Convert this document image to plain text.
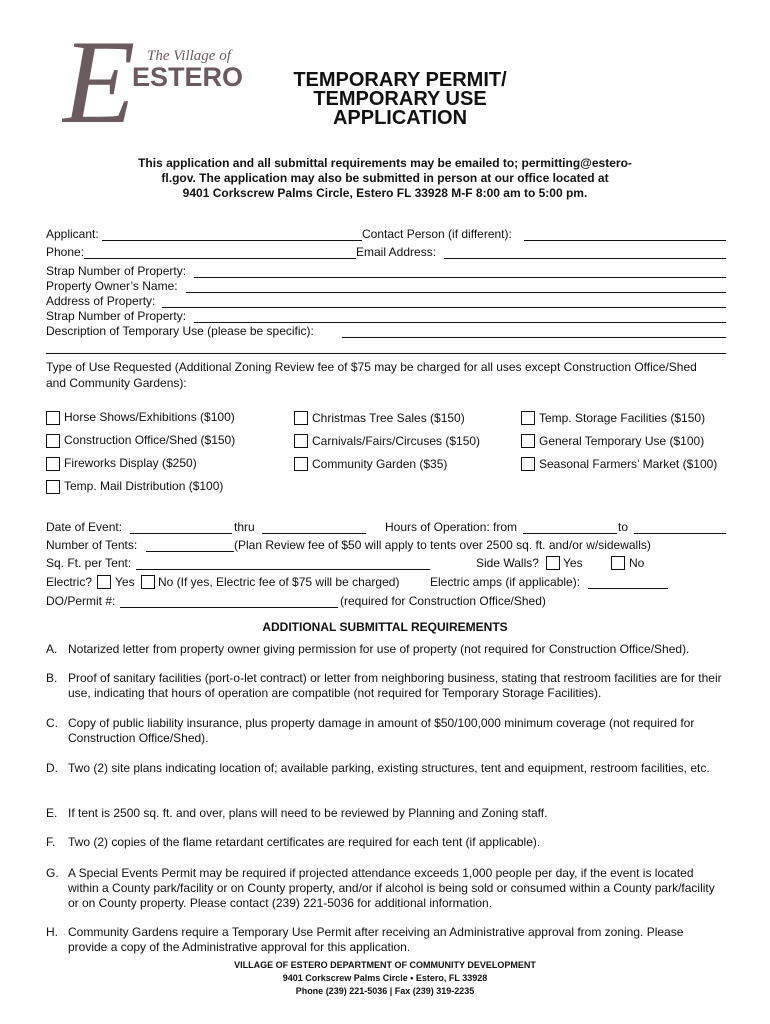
E The Village of
ESTERO	TEMPORARY PERMIT/
TEMPORARY USE
APPLICATION
This application and all submittal requirements may be emailed to; permitting@estero-
fl.gov. The application may also be submitted in person at our office located at
9401 Corkscrew Palms Circle, Estero FL 33928 M-F 8:00 am to 5:00 pm.
Applicant:	Contact Person (if different):
Phone:	Email Address:
Strap Number of Property:
Property Owner’s Name:
Address of Property:
Strap Number of Property:
Description of Temporary Use (please be specific):
Type of Use Requested (Additional Zoning Review fee of $75 may be charged for all uses except Construction Office/Shed
and Community Gardens):
Horse Shows/Exhibitions ($100)	Christmas Tree Sales ($150)	Temp. Storage Facilities ($150)
Construction Office/Shed ($150)	Carnivals/Fairs/Circuses ($150)	General Temporary Use ($100)
Fireworks Display ($250)	Community Garden ($35)	Seasonal Farmers’ Market ($100)
Temp. Mail Distribution ($100)
Date of Event:	thru	Hours of Operation: from	to
Number of Tents:	(Plan Review fee of $50 will apply to tents over 2500 sq. ft. and/or w/sidewalls)
Sq. Ft. per Tent:	Side Walls? Yes	No
Electric? Yes No (If yes, Electric fee of $75 will be charged)	Electric amps (if applicable):
DO/Permit #:	(required for Construction Office/Shed)
ADDITIONAL SUBMITTAL REQUIREMENTS
A. Notarized letter from property owner giving permission for use of property (not required for Construction Office/Shed).
B. Proof of sanitary facilities (port-o-let contract) or letter from neighboring business, stating that restroom facilities are for their use, indicating that hours of operation are compatible (not required for Temporary Storage Facilities).
C. Copy of public liability insurance, plus property damage in amount of $50/100,000 minimum coverage (not required for Construction Office/Shed).
D. Two (2) site plans indicating location of; available parking, existing structures, tent and equipment, restroom facilities, etc.
E. If tent is 2500 sq. ft. and over, plans will need to be reviewed by Planning and Zoning staff.
F. Two (2) copies of the flame retardant certificates are required for each tent (if applicable).
G. A Special Events Permit may be required if projected attendance exceeds 1,000 people per day, if the event is located within a County park/facility or on County property, and/or if alcohol is being sold or consumed within a County park/facility or on County property. Please contact (239) 221-5036 for additional information.
H. Community Gardens require a Temporary Use Permit after receiving an Administrative approval from zoning. Please provide a copy of the Administrative approval for this application.
VILLAGE OF ESTERO DEPARTMENT OF COMMUNITY DEVELOPMENT
9401 Corkscrew Palms Circle • Estero, FL 33928
Phone (239) 221-5036 | Fax (239) 319-2235
